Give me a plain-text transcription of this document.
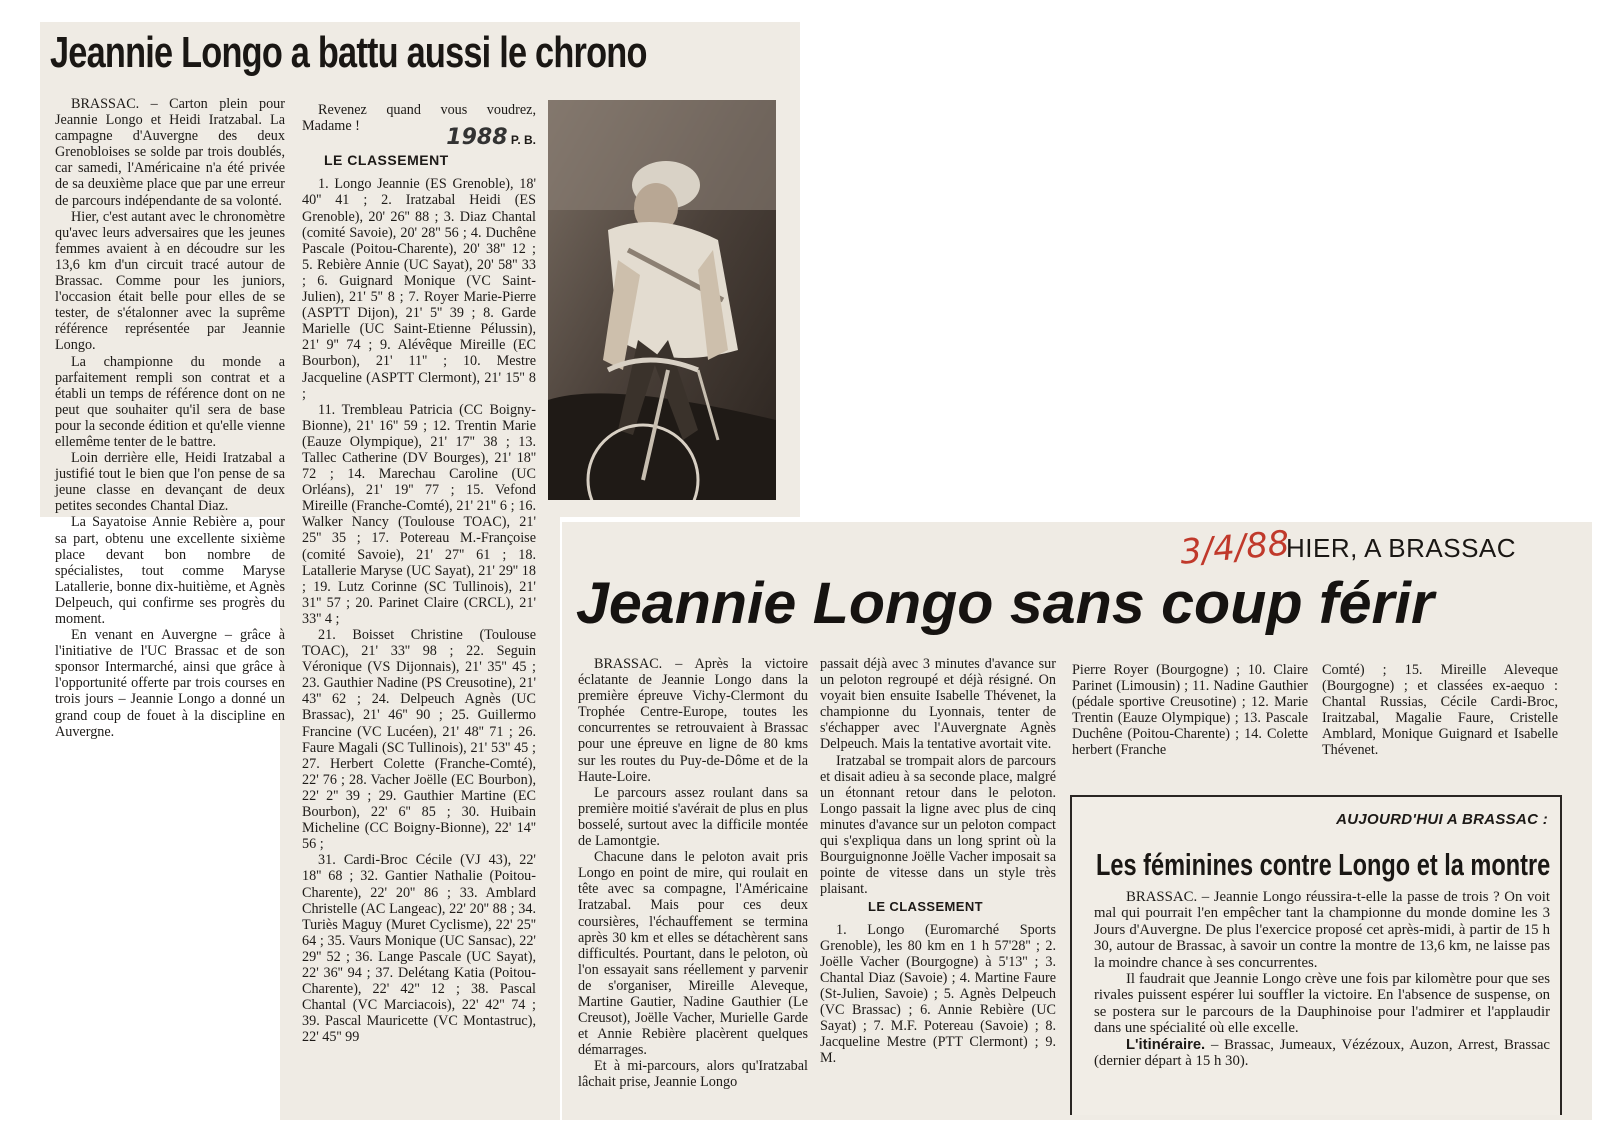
Jeannie Longo a battu aussi le chrono

BRASSAC. – Carton plein pour Jeannie Longo et Heidi Iratzabal. La campagne d'Auvergne des deux Grenobloises se solde par trois doublés, car samedi, l'Américaine n'a été privée de sa deuxième place que par une erreur de parcours indépendante de sa volonté.

Hier, c'est autant avec le chronomètre qu'avec leurs adversaires que les jeunes femmes avaient à en découdre sur les 13,6 km d'un circuit tracé autour de Brassac. Comme pour les juniors, l'occasion était belle pour elles de se tester, de s'étalonner avec la suprême référence représentée par Jeannie Longo.

La championne du monde a parfaitement rempli son contrat et a établi un temps de référence dont on ne peut que souhaiter qu'il sera de base pour la seconde édition et qu'elle vienne ellemême tenter de le battre.

Loin derrière elle, Heidi Iratzabal a justifié tout le bien que l'on pense de sa jeune classe en devançant de deux petites secondes Chantal Diaz.

La Sayatoise Annie Rebière a, pour sa part, obtenu une excellente sixième place devant bon nombre de spécialistes, tout comme Maryse Latallerie, bonne dix-huitième, et Agnès Delpeuch, qui confirme ses progrès du moment.

En venant en Auvergne – grâce à l'initiative de l'UC Brassac et de son sponsor Intermarché, ainsi que grâce à l'opportunité offerte par trois courses en trois jours – Jeannie Longo a donné un grand coup de fouet à la discipline en Auvergne.

Revenez quand vous voudrez, Madame !	1988 P. B.
LE CLASSEMENT

1. Longo Jeannie (ES Grenoble), 18' 40'' 41 ; 2. Iratzabal Heidi (ES Grenoble), 20' 26'' 88 ; 3. Diaz Chantal (comité Savoie), 20' 28'' 56 ; 4. Duchêne Pascale (Poitou-Charente), 20' 38'' 12 ; 5. Rebière Annie (UC Sayat), 20' 58'' 33 ; 6. Guignard Monique (VC Saint-Julien), 21' 5'' 8 ; 7. Royer Marie-Pierre (ASPTT Dijon), 21' 5'' 39 ; 8. Garde Marielle (UC Saint-Etienne Pélussin), 21' 9'' 74 ; 9. Alévêque Mireille (EC Bourbon), 21' 11'' ; 10. Mestre Jacqueline (ASPTT Clermont), 21' 15'' 8 ;

11. Trembleau Patricia (CC Boigny-Bionne), 21' 16'' 59 ; 12. Trentin Marie (Eauze Olympique), 21' 17'' 38 ; 13. Tallec Catherine (DV Bourges), 21' 18'' 72 ; 14. Marechau Caroline (UC Orléans), 21' 19'' 77 ; 15. Vefond Mireille (Franche-Comté), 21' 21'' 6 ; 16. Walker Nancy (Toulouse TOAC), 21' 25'' 35 ; 17. Potereau M.-Françoise (comité Savoie), 21' 27'' 61 ; 18. Latallerie Maryse (UC Sayat), 21' 29'' 18 ; 19. Lutz Corinne (SC Tullinois), 21' 31'' 57 ; 20. Parinet Claire (CRCL), 21' 33'' 4 ;

21. Boisset Christine (Toulouse TOAC), 21' 33'' 98 ; 22. Seguin Véronique (VS Dijonnais), 21' 35'' 45 ; 23. Gauthier Nadine (PS Creusotine), 21' 43'' 62 ; 24. Delpeuch Agnès (UC Brassac), 21' 46'' 90 ; 25. Guillermo Francine (VC Lucéen), 21' 48'' 71 ; 26. Faure Magali (SC Tullinois), 21' 53'' 45 ; 27. Herbert Colette (Franche-Comté), 22' 76 ; 28. Vacher Joëlle (EC Bourbon), 22' 2'' 39 ; 29. Gauthier Martine (EC Bourbon), 22' 6'' 85 ; 30. Huibain Micheline (CC Boigny-Bionne), 22' 14'' 56 ;

31. Cardi-Broc Cécile (VJ 43), 22' 18'' 68 ; 32. Gantier Nathalie (Poitou-Charente), 22' 20'' 86 ; 33. Amblard Christelle (AC Langeac), 22' 20'' 88 ; 34. Turiès Maguy (Muret Cyclisme), 22' 25'' 64 ; 35. Vaurs Monique (UC Sansac), 22' 29'' 52 ; 36. Lange Pascale (UC Sayat), 22' 36'' 94 ; 37. Delétang Katia (Poitou-Charente), 22' 42'' 12 ; 38. Pascal Chantal (VC Marciacois), 22' 42'' 74 ; 39. Pascal Mauricette (VC Montastruc), 22' 45'' 99

3/4/88
HIER, A BRASSAC
Jeannie Longo sans coup férir

BRASSAC. – Après la victoire éclatante de Jeannie Longo dans la première épreuve Vichy-Clermont du Trophée Centre-Europe, toutes les concurrentes se retrouvaient à Brassac pour une épreuve en ligne de 80 kms sur les routes du Puy-de-Dôme et de la Haute-Loire.

Le parcours assez roulant dans sa première moitié s'avérait de plus en plus bosselé, surtout avec la difficile montée de Lamontgie.

Chacune dans le peloton avait pris Longo en point de mire, qui roulait en tête avec sa compagne, l'Américaine Iratzabal. Mais pour ces deux coursières, l'échauffement se termina après 30 km et elles se détachèrent sans difficultés. Pourtant, dans le peloton, où l'on essayait sans réellement y parvenir de s'organiser, Mireille Aleveque, Martine Gautier, Nadine Gauthier (Le Creusot), Joëlle Vacher, Murielle Garde et Annie Rebière placèrent quelques démarrages.

Et à mi-parcours, alors qu'Iratzabal lâchait prise, Jeannie Longo

passait déjà avec 3 minutes d'avance sur un peloton regroupé et déjà résigné. On voyait bien ensuite Isabelle Thévenet, la championne du Lyonnais, tenter de s'échapper avec l'Auvergnate Agnès Delpeuch. Mais la tentative avortait vite.

Iratzabal se trompait alors de parcours et disait adieu à sa seconde place, malgré un étonnant retour dans le peloton. Longo passait la ligne avec plus de cinq minutes d'avance sur un peloton compact qui s'expliqua dans un long sprint où la Bourguignonne Joëlle Vacher imposait sa pointe de vitesse dans un style très plaisant.

LE CLASSEMENT

1. Longo (Euromarché Sports Grenoble), les 80 km en 1 h 57'28'' ; 2. Joëlle Vacher (Bourgogne) à 5'13'' ; 3. Chantal Diaz (Savoie) ; 4. Martine Faure (St-Julien, Savoie) ; 5. Agnès Delpeuch (VC Brassac) ; 6. Annie Rebière (UC Sayat) ; 7. M.F. Potereau (Savoie) ; 8. Jacqueline Mestre (PTT Clermont) ; 9. M.

Pierre Royer (Bourgogne) ; 10. Claire Parinet (Limousin) ; 11. Nadine Gauthier (pédale sportive Creusotine) ; 12. Marie Trentin (Eauze Olympique) ; 13. Pascale Duchêne (Poitou-Charente) ; 14. Colette herbert (Franche

Comté) ; 15. Mireille Aleveque (Bourgogne) ; et classées ex-aequo : Chantal Russias, Cécile Cardi-Broc, Iraitzabal, Magalie Faure, Cristelle Amblard, Monique Guignard et Isabelle Thévenet.

AUJOURD'HUI A BRASSAC :
Les féminines contre Longo et la montre

BRASSAC. – Jeannie Longo réussira-t-elle la passe de trois ? On voit mal qui pourrait l'en empêcher tant la championne du monde domine les 3 Jours d'Auvergne. De plus l'exercice proposé cet après-midi, à partir de 15 h 30, autour de Brassac, à savoir un contre la montre de 13,6 km, ne laisse pas la moindre chance à ses concurrentes.

Il faudrait que Jeannie Longo crève une fois par kilomètre pour que ses rivales puissent espérer lui souffler la victoire. En l'absence de suspense, on se postera sur le parcours de la Dauphinoise pour l'admirer et l'applaudir dans une spécialité où elle excelle.

L'itinéraire. – Brassac, Jumeaux, Vézézoux, Auzon, Arrest, Brassac (dernier départ à 15 h 30).
